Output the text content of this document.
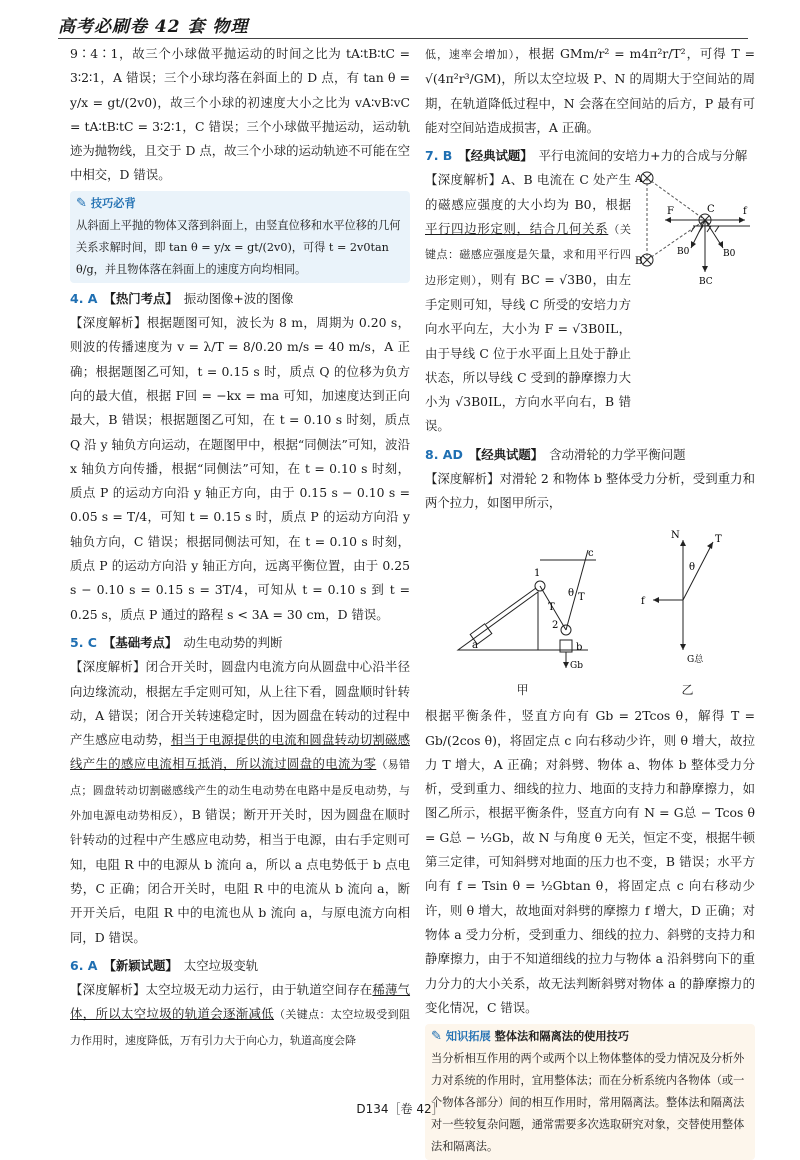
高考必刷卷 42 套 物理

9∶4∶1，故三个小球做平抛运动的时间之比为 tA∶tB∶tC = 3∶2∶1，A 错误；三个小球均落在斜面上的 D 点，有 tan θ = y/x = gt/(2v0)，故三个小球的初速度大小之比为 vA∶vB∶vC = tA∶tB∶tC = 3∶2∶1，C 错误；三个小球做平抛运动，运动轨迹为抛物线，且交于 D 点，故三个小球的运动轨迹不可能在空中相交，D 错误。

✎ 技巧必背

从斜面上平抛的物体又落到斜面上，由竖直位移和水平位移的几何关系求解时间，即 tan θ = y/x = gt/(2v0)，可得 t = 2v0tan θ/g，并且物体落在斜面上的速度方向均相同。

4. A 【热门考点】 振动图像+波的图像

【深度解析】根据题图可知，波长为 8 m，周期为 0.20 s，则波的传播速度为 v = λ/T = 8/0.20 m/s = 40 m/s，A 正确；根据题图乙可知，t = 0.15 s 时，质点 Q 的位移为负方向的最大值，根据 F回 = −kx = ma 可知，加速度达到正向最大，B 错误；根据题图乙可知，在 t = 0.10 s 时刻，质点 Q 沿 y 轴负方向运动，在题图甲中，根据“同侧法”可知，波沿 x 轴负方向传播，根据“同侧法”可知，在 t = 0.10 s 时刻，质点 P 的运动方向沿 y 轴正方向，由于 0.15 s − 0.10 s = 0.05 s = T/4，可知 t = 0.15 s 时，质点 P 的运动方向沿 y 轴负方向，C 错误；根据同侧法可知，在 t = 0.10 s 时刻，质点 P 的运动方向沿 y 轴正方向，远离平衡位置，由于 0.25 s − 0.10 s = 0.15 s = 3T/4，可知从 t = 0.10 s 到 t = 0.25 s，质点 P 通过的路程 s < 3A = 30 cm，D 错误。

5. C 【基础考点】 动生电动势的判断

【深度解析】闭合开关时，圆盘内电流方向从圆盘中心沿半径向边缘流动，根据左手定则可知，从上往下看，圆盘顺时针转动，A 错误；闭合开关转速稳定时，因为圆盘在转动的过程中产生感应电动势，相当于电源提供的电流和圆盘转动切割磁感线产生的感应电流相互抵消，所以流过圆盘的电流为零（易错点；圆盘转动切割磁感线产生的动生电动势在电路中是反电动势，与外加电源电动势相反），B 错误；断开开关时，因为圆盘在顺时针转动的过程中产生感应电动势，相当于电源，由右手定则可知，电阻 R 中的电源从 b 流向 a，所以 a 点电势低于 b 点电势，C 正确；闭合开关时，电阻 R 中的电流从 b 流向 a，断开开关后，电阻 R 中的电流也从 b 流向 a，与原电流方向相同，D 错误。

6. A 【新颖试题】 太空垃圾变轨

【深度解析】太空垃圾无动力运行，由于轨道空间存在稀薄气体，所以太空垃圾的轨道会逐渐减低（关键点：太空垃圾受到阻力作用时，速度降低，万有引力大于向心力，轨道高度会降

低，速率会增加），根据 GMm/r² = m4π²r/T²，可得 T = √(4π²r³/GM)，所以太空垃圾 P、N 的周期大于空间站的周期，在轨道降低过程中，N 会落在空间站的后方，P 最有可能对空间站造成损害，A 正确。

7. B 【经典试题】 平行电流间的安培力+力的合成与分解

【深度解析】A、B 电流在 C 处产生的磁感应强度的大小均为 B0，根据平行四边形定则，结合几何关系（关键点：磁感应强度是矢量，求和用平行四边形定则），则有 BC = √3B0，由左手定则可知，导线 C 所受的安培力方向水平向左，大小为 F = √3B0IL，由于导线 C 位于水平面上且处于静止状态，所以导线 C 受到的静摩擦力大小为 √3B0IL，方向水平向右，B 错误。

A
B
C
F	f
B0	B0
BC
8. AD 【经典试题】 含动滑轮的力学平衡问题

【深度解析】对滑轮 2 和物体 b 整体受力分析，受到重力和两个拉力，如图甲所示，

1
2
a	b
c
T
T
θ
Gb
甲
N	T
f
G总
θ
乙

根据平衡条件，竖直方向有 Gb = 2Tcos θ，解得 T = Gb/(2cos θ)，将固定点 c 向右移动少许，则 θ 增大，故拉力 T 增大，A 正确；对斜劈、物体 a、物体 b 整体受力分析，受到重力、细线的拉力、地面的支持力和静摩擦力，如图乙所示，根据平衡条件，竖直方向有 N = G总 − Tcos θ = G总 − ½Gb，故 N 与角度 θ 无关，恒定不变，根据牛顿第三定律，可知斜劈对地面的压力也不变，B 错误；水平方向有 f = Tsin θ = ½Gbtan θ，将固定点 c 向右移动少许，则 θ 增大，故地面对斜劈的摩擦力 f 增大，D 正确；对物体 a 受力分析，受到重力、细线的拉力、斜劈的支持力和静摩擦力，由于不知道细线的拉力与物体 a 沿斜劈向下的重力分力的大小关系，故无法判断斜劈对物体 a 的静摩擦力的变化情况，C 错误。

✎ 知识拓展 整体法和隔离法的使用技巧

当分析相互作用的两个或两个以上物体整体的受力情况及分析外力对系统的作用时，宜用整体法；而在分析系统内各物体（或一个物体各部分）间的相互作用时，常用隔离法。整体法和隔离法对一些较复杂问题，通常需要多次选取研究对象，交替使用整体法和隔离法。

D134［卷 42］
